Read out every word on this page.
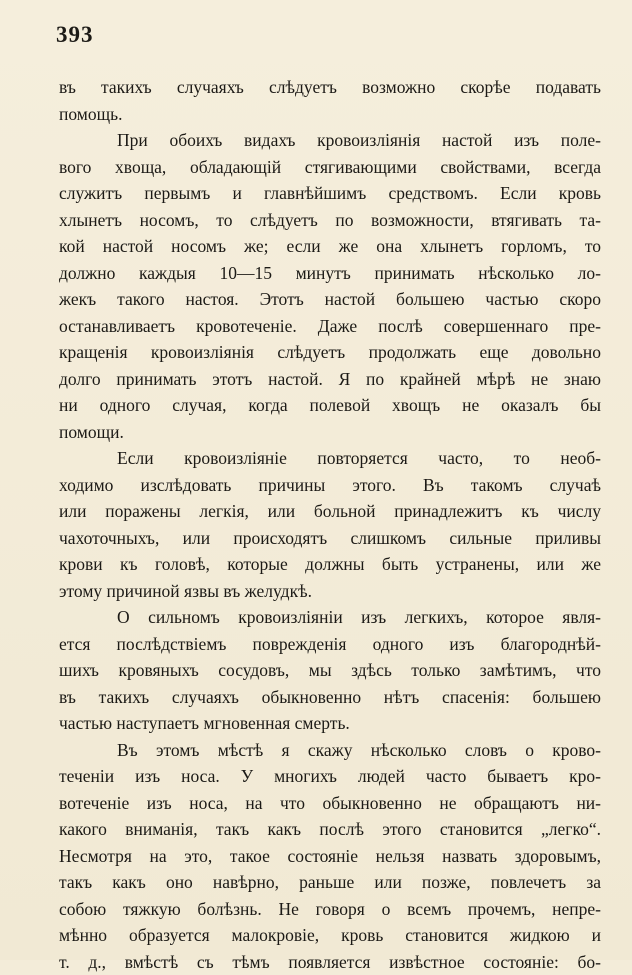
393
въ такихъ случаяхъ слѣдуетъ возможно скорѣе подавать
помощь.
При обоихъ видахъ кровоизліянія настой изъ поле-
вого хвоща, обладающій стягивающими свойствами, всегда
служитъ первымъ и главнѣйшимъ средствомъ. Если кровь
хлынетъ носомъ, то слѣдуетъ по возможности, втягивать та-
кой настой носомъ же; если же она хлынетъ горломъ, то
должно каждыя 10—15 минутъ принимать нѣсколько ло-
жекъ такого настоя. Этотъ настой большею частью скоро
останавливаетъ кровотеченіе. Даже послѣ совершеннаго пре-
кращенія кровоизліянія слѣдуетъ продолжать еще довольно
долго принимать этотъ настой. Я по крайней мѣрѣ не знаю
ни одного случая, когда полевой хвощъ не оказалъ бы
помощи.
Если кровоизліяніе повторяется часто, то необ-
ходимо изслѣдовать причины этого. Въ такомъ случаѣ
или поражены легкія, или больной принадлежитъ къ числу
чахоточныхъ, или происходятъ слишкомъ сильные приливы
крови къ головѣ, которые должны быть устранены, или же
этому причиной язвы въ желудкѣ.
О сильномъ кровоизліяніи изъ легкихъ, которое явля-
ется послѣдствіемъ поврежденія одного изъ благороднѣй-
шихъ кровяныхъ сосудовъ, мы здѣсь только замѣтимъ, что
въ такихъ случаяхъ обыкновенно нѣтъ спасенія: большею
частью наступаетъ мгновенная смерть.
Въ этомъ мѣстѣ я скажу нѣсколько словъ о крово-
теченіи изъ носа. У многихъ людей часто бываетъ кро-
вотеченіе изъ носа, на что обыкновенно не обращаютъ ни-
какого вниманія, такъ какъ послѣ этого становится „легко“.
Несмотря на это, такое состояніе нельзя назвать здоровымъ,
такъ какъ оно навѣрно, раньше или позже, повлечетъ за
собою тяжкую болѣзнь. Не говоря о всемъ прочемъ, непре-
мѣнно образуется малокровіе, кровь становится жидкою и
т. д., вмѣстѣ съ тѣмъ появляется извѣстное состояніе: бо-
